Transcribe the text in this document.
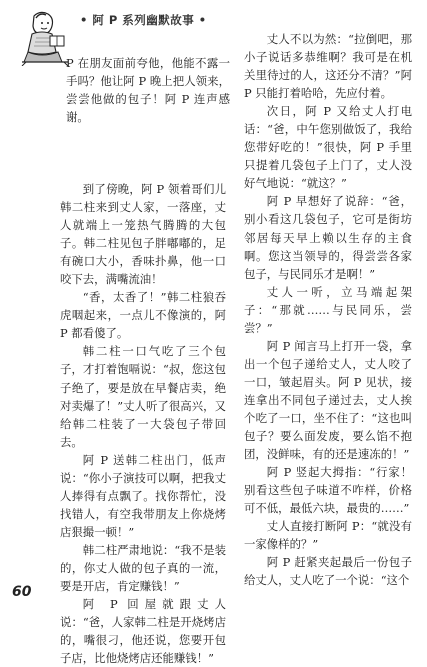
• 阿 P 系列幽默故事 •

P 在朋友面前夸他，他能不露一手吗？他让阿 P 晚上把人领来，尝尝他做的包子！阿 P 连声感谢。

到了傍晚，阿 P 领着哥们儿韩二柱来到丈人家，一落座，丈人就端上一笼热气腾腾的大包子。韩二柱见包子胖嘟嘟的，足有碗口大小，香味扑鼻，他一口咬下去，满嘴流油！

“香，太香了！”韩二柱狼吞虎咽起来，一点儿不像演的，阿 P 都看傻了。

韩二柱一口气吃了三个包子，才打着饱嗝说：“叔，您这包子绝了，要是放在早餐店卖，绝对卖爆了！”丈人听了很高兴，又给韩二柱装了一大袋包子带回去。

阿 P 送韩二柱出门，低声说：“你小子演技可以啊，把我丈人捧得有点飘了。找你帮忙，没找错人，有空我带朋友上你烧烤店狠撮一顿！”

韩二柱严肃地说：“我不是装的，你丈人做的包子真的一流，要是开店，肯定赚钱！”

阿 P 回屋就跟丈人说：“爸，人家韩二柱是开烧烤店的，嘴很刁，他还说，您要开包子店，比他烧烤店还能赚钱！”

丈人不以为然：“拉倒吧，那小子说话多恭维啊？我可是在机关里待过的人，这还分不清？”阿 P 只能打着哈哈，先应付着。

次日，阿 P 又给丈人打电话：“爸，中午您别做饭了，我给您带好吃的！”很快，阿 P 手里只提着几袋包子上门了，丈人没好气地说：“就这？”

阿 P 早想好了说辞：“爸，别小看这几袋包子，它可是街坊邻居每天早上赖以生存的主食啊。您这当领导的，得尝尝各家包子，与民同乐才是啊！”

丈人一听，立马端起架子：“那就……与民同乐，尝尝？”

阿 P 闻言马上打开一袋，拿出一个包子递给丈人，丈人咬了一口，皱起眉头。阿 P 见状，接连拿出不同包子递过去，丈人挨个吃了一口，坐不住了：“这也叫包子？要么面发废，要么馅不抱团，没鲜味，有的还是速冻的！”

阿 P 竖起大拇指：“行家！别看这些包子味道不咋样，价格可不低，最低六块，最贵的……”

丈人直接打断阿 P：“就没有一家像样的？”

阿 P 赶紧夹起最后一份包子给丈人，丈人吃了一个说：“这个

60
